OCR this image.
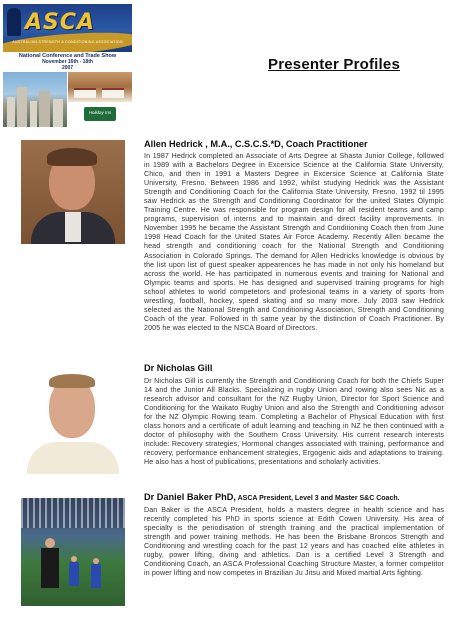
ASCA
AUSTRALIAN STRENGTH & CONDITIONING ASSOCIATION
National Conference and Trade Show
November 16th - 18th
2007
Holiday Inn
Presenter Profiles
Allen Hedrick , M.A., C.S.C.S.*D, Coach Practitioner

In 1987 Hedrick completed an Associate of Arts Degree at Shasta Junior College, followed in 1989 with a Bachelors Degree in Excersice Science at the California State University, Chico, and then in 1991 a Masters Degree in Excersice Science at California State University, Fresno. Between 1986 and 1992, whilst studying Hedrick was the Assistant Strength and Conditioning Coach for the California State University, Fresno. 1992 til 1995 saw Hedrick as the Strength and Conditioning Coordinator for the united States Olympic Training Centre. He was responsible for program design for all resident teams and camp programs, supervision of interns and to maintain and direct facility improvements. In November 1995 he became the Assistant Strength and Conditioning Coach then from June 1998 Head Coach for the United States Air Force Academy. Recently Allen became the head strength and conditioning coach for the National Strength and Conditioning Association in Colorado Springs. The demand for Allen Hedricks knowledge is obvious by the list upon list of guest speaker appearences he has made in not only his homeland but across the world. He has participated in numerous events and training for National and Olympic teams and sports. He has designed and supervised training programs for high school athletes to world competetors and profesional teams in a variety of sports from wrestling, football, hockey, speed skating and so many more. July 2003 saw Hedrick selected as the National Strength and Conditioning Association, Strength and Conditioning Coach of the year. Followed in th same year by the distinction of Coach Practitioner. By 2005 he was elected to the NSCA Board of Directors.

Dr Nicholas Gill

Dr Nicholas Gill is currently the Strength and Conditioning Coach for both the Chiefs Super 14 and the Junior All Blacks. Specializing in rugby Union and rowing also sees Nic as a research advisor and consultant for the NZ Rugby Union, Director for Sport Science and Conditioning for the Waikato Rugby Union and also the Strength and Conditioning advisor for the NZ Olympic Rowing team. Completing a Bachelor of Physical Education with first class honors and a certificate of adult learning and teaching in NZ he then continued with a doctor of philosophy with the Southern Cross University. His current research interests include: Recovery strategies, Hormonal changes associated with training, performance and recovery, performance enhancement strategies, Ergogenic aids and adaptations to training. He also has a host of publications, presentations and scholarly activities.

Dr Daniel Baker PhD, ASCA President, Level 3 and Master S&C Coach.

Dan Baker is the ASCA President, holds a masters degree in health science and has recently completed his PhD in sports science at Edith Cowen University. His area of specialty is the periodisation of strength training and the practical implementation of strength and power training methods. He has been the Brisbane Broncos Strength and Conditioning and wrestling coach for the past 12 years and has coached elite athletes in rugby, power lifting, diving and athletics. Dan is a certified Level 3 Strength and Conditioning Coach, an ASCA Professional Coaching Structure Master, a former competitor in power lifting and now competes in Brazilian Ju Jitsu and Mixed martial Arts fighting.
